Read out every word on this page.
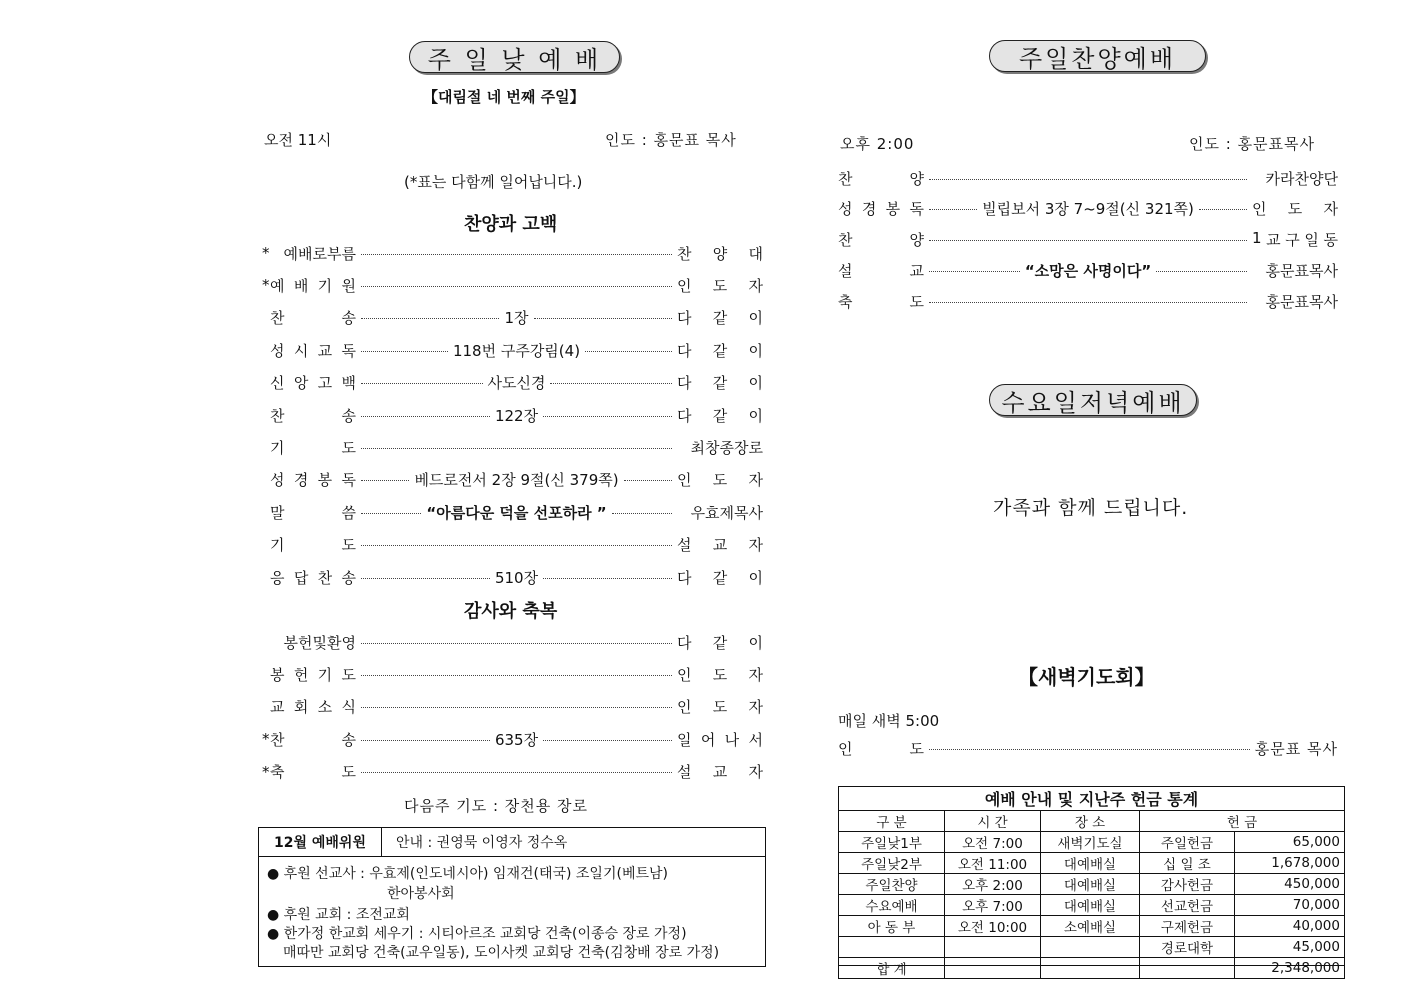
주 일 낮 예 배
【대림절 네 번째 주일】
오전 11시	인도 : 홍문표 목사
(*표는 다함께 일어납니다.)
찬양과 고백
* 예배로부름	찬 양 대
* 예 배 기 원	인 도 자
찬	송	1장	다 같 이
성 시 교 독	118번 구주강림(4)	다 같 이
신 앙 고 백	사도신경	다 같 이
찬	송	122장	다 같 이
기	도	최창종장로
성 경 봉 독	베드로전서 2장 9절(신 379쪽)	인 도 자
말	씀	“아름다운 덕을 선포하라 ”	우효제목사
기	도	설 교 자
응 답 찬 송	510장	다 같 이
감사와 축복
봉헌및환영	다 같 이
봉 헌 기 도	인 도 자
교 회 소 식	인 도 자
* 찬	송	635장	일 어 나 서
* 축	도	설 교 자
다음주 기도 : 장천용 장로
12월 예배위원	안내 : 권영묵 이영자 정수옥
● 후원 선교사 : 우효제(인도네시아) 임재건(태국) 조일기(베트남)
한아봉사회
● 후원 교회 : 조전교회
● 한가정 한교회 세우기 : 시티아르조 교회당 건축(이종승 장로 가정)
매따만 교회당 건축(교우일동), 도이사켓 교회당 건축(김창배 장로 가정)
주일찬양예배
오후 2:00	인도 : 홍문표목사
찬	양	카라찬양단
성 경 봉 독	빌립보서 3장 7~9절(신 321쪽)	인 도 자
찬	양	1 교 구 일 동
설	교	“소망은 사명이다”	홍문표목사
축	도	홍문표목사
수요일저녁예배
가족과 함께 드립니다.
【새벽기도회】
매일 새벽 5:00
인	도	홍문표 목사
예배 안내 및 지난주 헌금 통계				
구 분	시 간	장 소	헌 금	
주일낮1부	오전 7:00	새벽기도실	주일헌금	65,000
주일낮2부	오전 11:00	대예배실	십 일 조	1,678,000
주일찬양	오후 2:00	대예배실	감사헌금	450,000
수요예배	오후 7:00	대예배실	선교헌금	70,000
아 동 부	오전 10:00	소예배실	구제헌금	40,000
			경로대학	45,000
합 계				2,348,000
